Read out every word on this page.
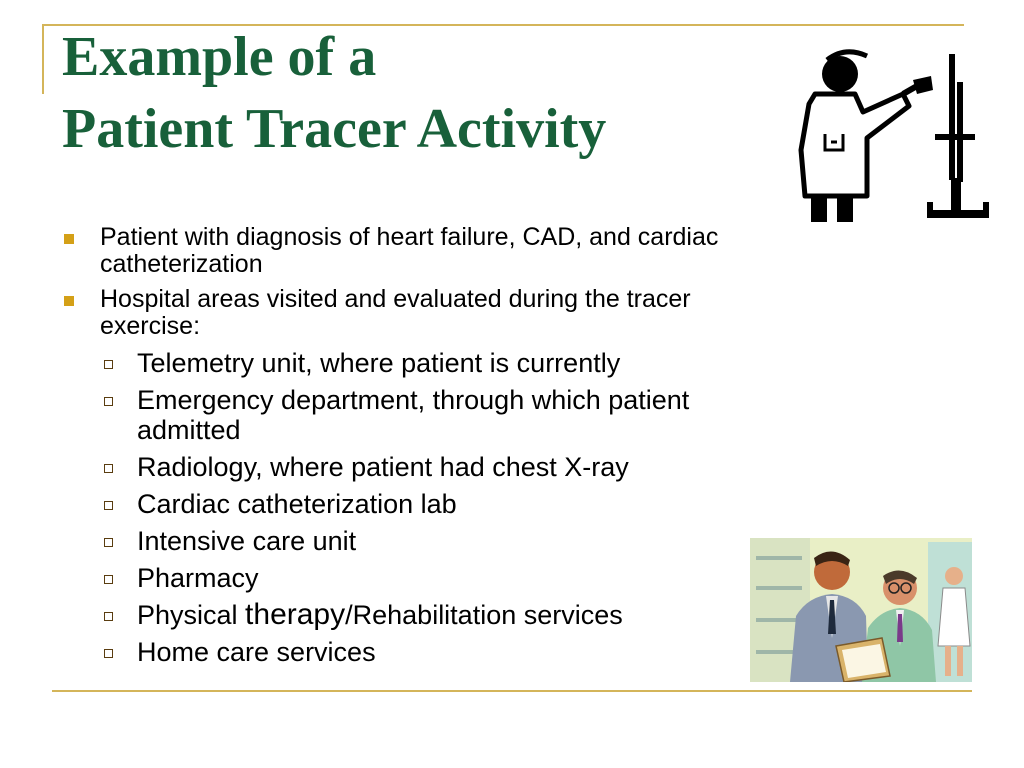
Example of a
Patient Tracer Activity
Patient with diagnosis of heart failure, CAD, and cardiac catheterization
Hospital areas visited and evaluated during the tracer exercise:
Telemetry unit, where patient is currently
Emergency department, through which patient admitted
Radiology, where patient had chest X-ray
Cardiac catheterization lab
Intensive care unit
Pharmacy
Physical therapy/Rehabilitation services
Home care services
